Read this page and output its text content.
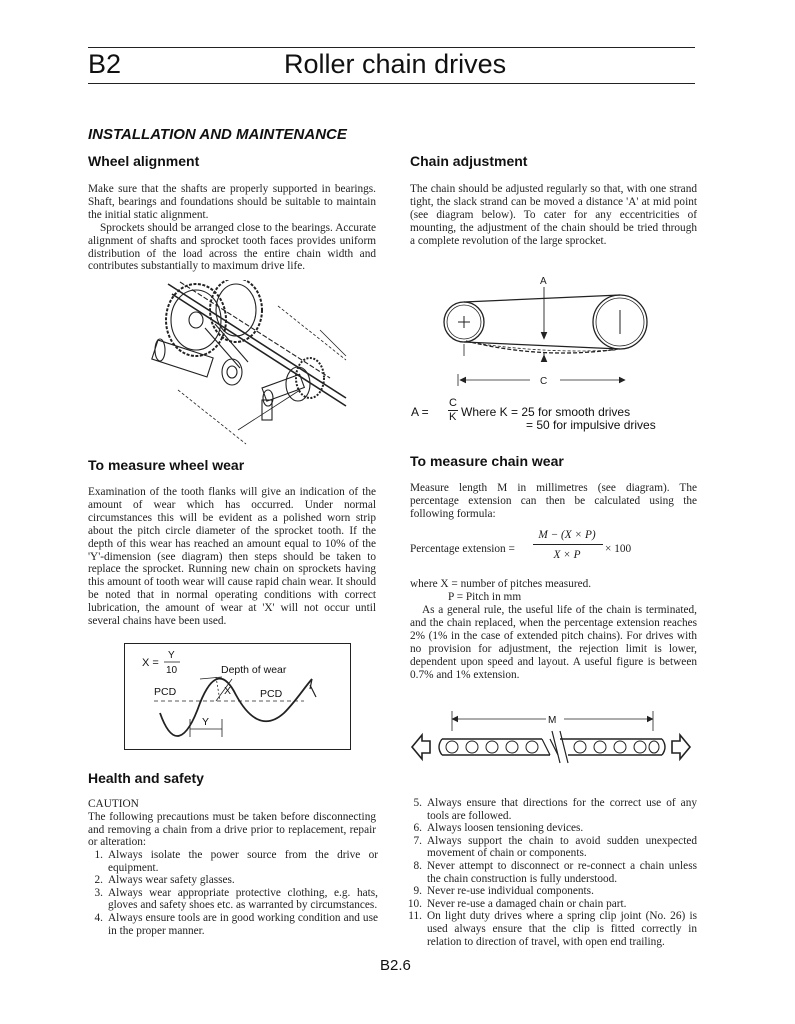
B2	Roller chain drives
INSTALLATION AND MAINTENANCE
Wheel alignment

Make sure that the shafts are properly supported in bearings. Shaft, bearings and foundations should be suitable to maintain the initial static alignment.

Sprockets should be arranged close to the bearings. Accurate alignment of shafts and sprocket tooth faces provides uniform distribution of the load across the entire chain width and contributes substantially to maximum drive life.

Chain adjustment

The chain should be adjusted regularly so that, with one strand tight, the slack strand can be moved a distance 'A' at mid point (see diagram below). To cater for any eccentricities of mounting, the adjustment of the chain should be tried through a complete revolution of the large sprocket.

A
C
A =
C
K Where K = 25 for smooth drives
= 50 for impulsive drives
To measure wheel wear

Examination of the tooth flanks will give an indication of the amount of wear which has occurred. Under normal circumstances this will be evident as a polished worn strip about the pitch circle diameter of the sprocket tooth. If the depth of this wear has reached an amount equal to 10% of the 'Y'-dimension (see diagram) then steps should be taken to replace the sprocket. Running new chain on sprockets having this amount of tooth wear will cause rapid chain wear. It should be noted that in normal operating conditions with correct lubrication, the amount of wear at 'X' will not occur until several chains have been used.

X =
Y
10	Depth of wear
PCD	X	PCD
Y
To measure chain wear

Measure length M in millimetres (see diagram). The percentage extension can then be calculated using the following formula:

Percentage extension =
M − (X × P)
X × P	× 100
where X = number of pitches measured.
P = Pitch in mm

As a general rule, the useful life of the chain is terminated, and the chain replaced, when the percentage extension reaches 2% (1% in the case of extended pitch chains). For drives with no provision for adjustment, the rejection limit is lower, dependent upon speed and layout. A useful figure is between 0.7% and 1% extension.

M
Health and safety
CAUTION

The following precautions must be taken before disconnecting and removing a chain from a drive prior to replacement, repair or alteration:

1. Always isolate the power source from the drive or equipment.
2. Always wear safety glasses.
3. Always wear appropriate protective clothing, e.g. hats, gloves and safety shoes etc. as warranted by circumstances.
4. Always ensure tools are in good working condition and use in the proper manner.
5. Always ensure that directions for the correct use of any tools are followed.
6. Always loosen tensioning devices.
7. Always support the chain to avoid sudden unexpected movement of chain or components.
8. Never attempt to disconnect or re-connect a chain unless the chain construction is fully understood.
9. Never re-use individual components.
10. Never re-use a damaged chain or chain part.
11. On light duty drives where a spring clip joint (No. 26) is used always ensure that the clip is fitted correctly in relation to direction of travel, with open end trailing.
B2.6
